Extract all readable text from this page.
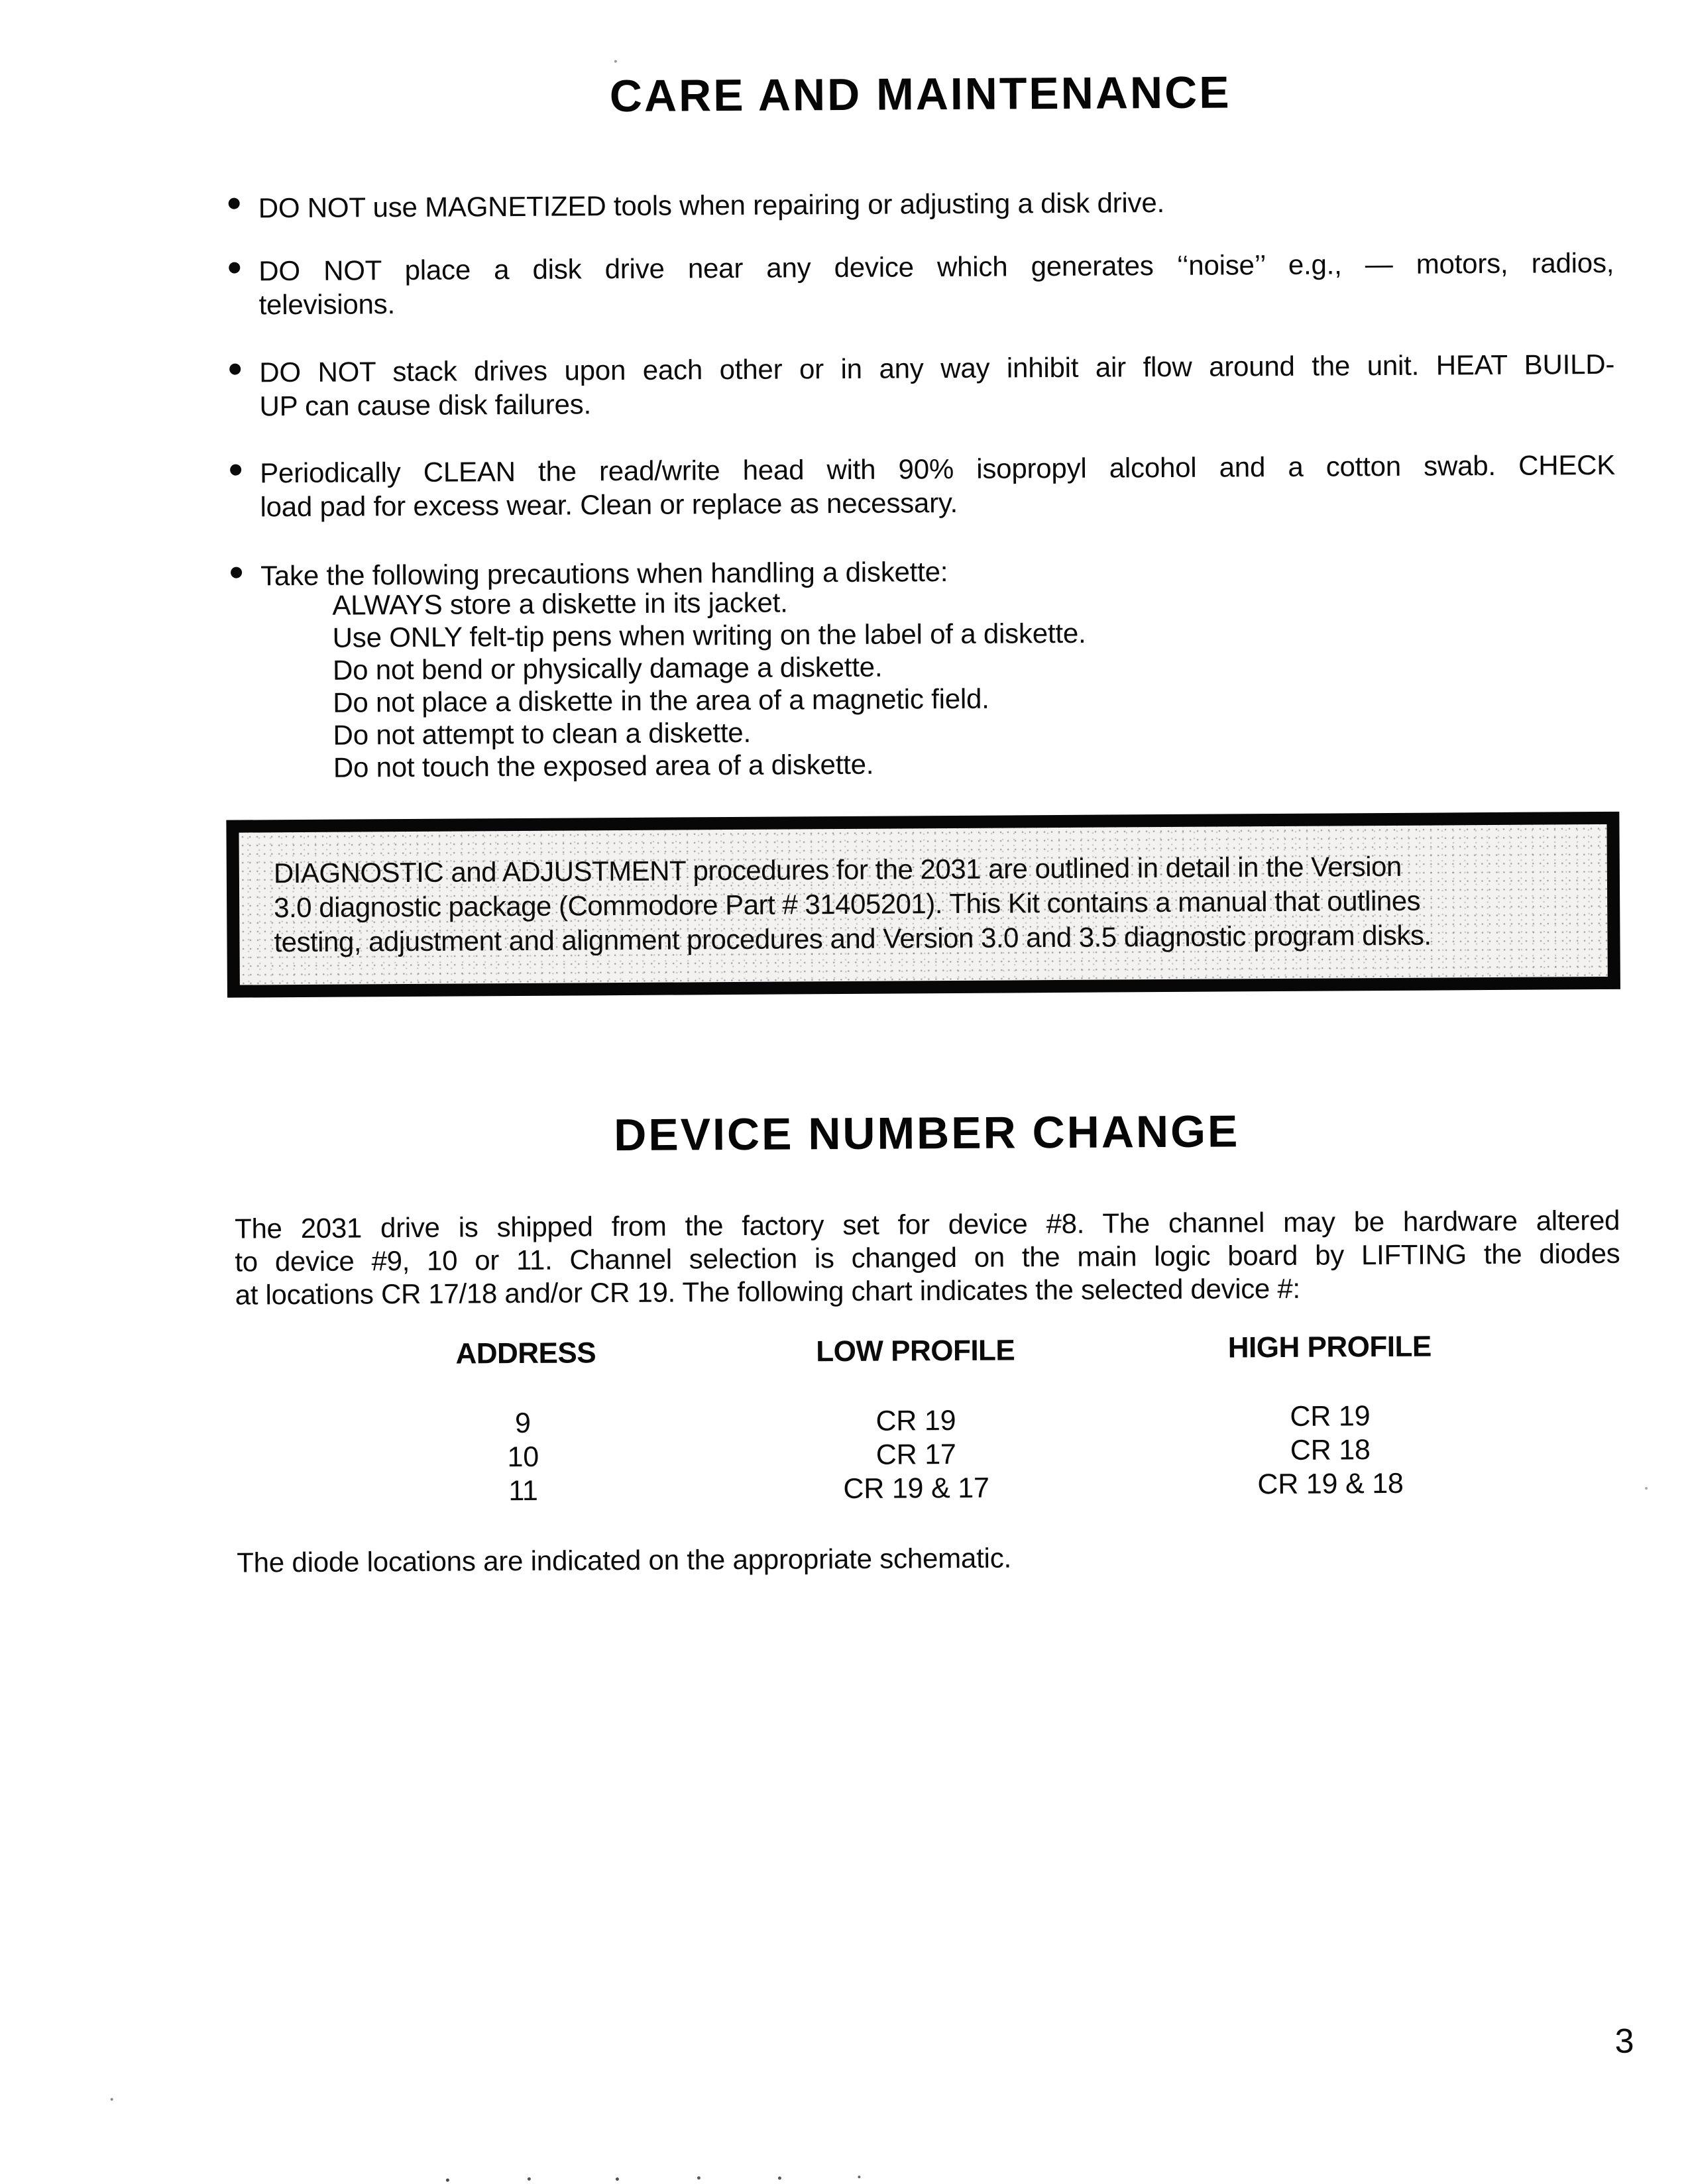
CARE AND MAINTENANCE
DO NOT use MAGNETIZED tools when repairing or adjusting a disk drive.
DO NOT place a disk drive near any device which generates ‘‘noise’’ e.g., — motors, radios,
televisions.
DO NOT stack drives upon each other or in any way inhibit air flow around the unit. HEAT BUILD-
UP can cause disk failures.
Periodically CLEAN the read/write head with 90% isopropyl alcohol and a cotton swab. CHECK
load pad for excess wear. Clean or replace as necessary.
Take the following precautions when handling a diskette:
ALWAYS store a diskette in its jacket.
Use ONLY felt-tip pens when writing on the label of a diskette.
Do not bend or physically damage a diskette.
Do not place a diskette in the area of a magnetic field.
Do not attempt to clean a diskette.
Do not touch the exposed area of a diskette.
DIAGNOSTIC and ADJUSTMENT procedures for the 2031 are outlined in detail in the Version
3.0 diagnostic package (Commodore Part # 31405201). This Kit contains a manual that outlines
testing, adjustment and alignment procedures and Version 3.0 and 3.5 diagnostic program disks.
DEVICE NUMBER CHANGE
The 2031 drive is shipped from the factory set for device #8. The channel may be hardware altered
to device #9, 10 or 11. Channel selection is changed on the main logic board by LIFTING the diodes
at locations CR 17/18 and/or CR 19. The following chart indicates the selected device #:
ADDRESS	LOW PROFILE	HIGH PROFILE
9	CR 19	CR 19
10	CR 17	CR 18
11	CR 19 & 17	CR 19 & 18
The diode locations are indicated on the appropriate schematic.
3
